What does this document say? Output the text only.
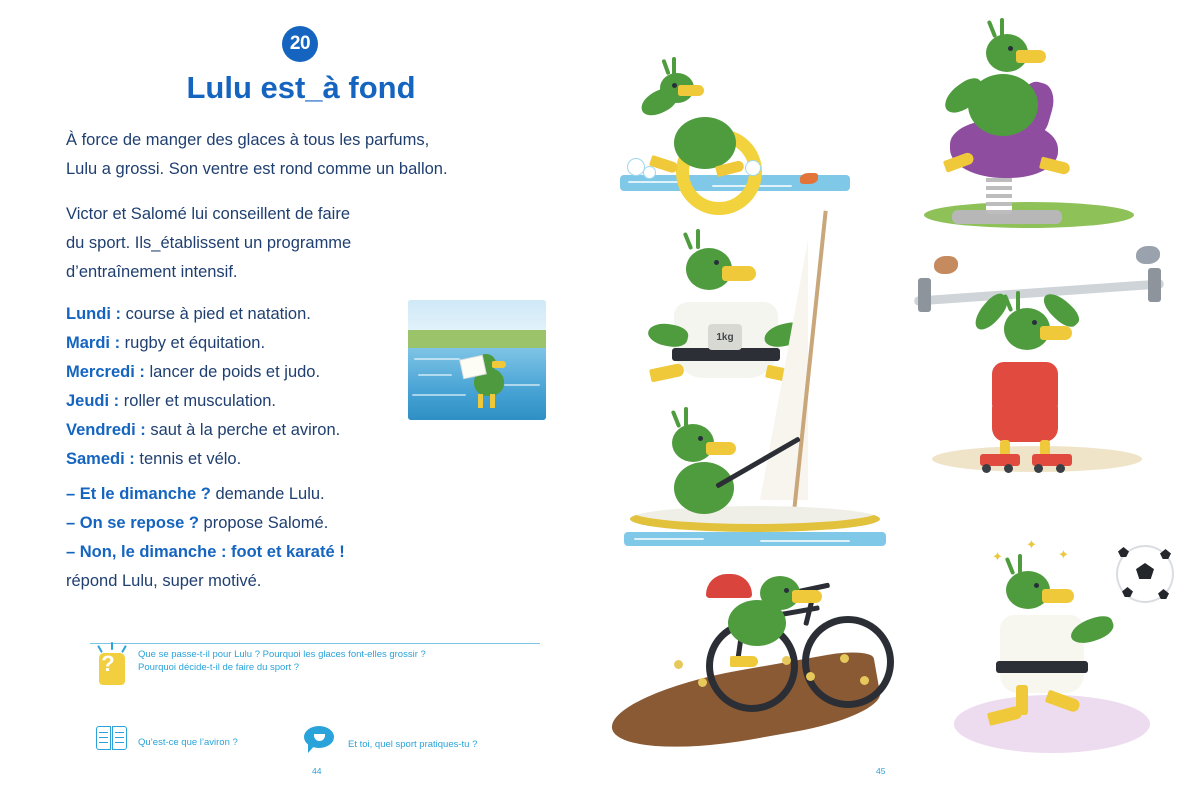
20
Lulu est_à fond
À force de manger des glaces à tous les parfums,
Lulu a grossi. Son ventre est rond comme un ballon.
Victor et Salomé lui conseillent de faire
du sport. Ils_établissent un programme
d’entraînement intensif.
Lundi : course à pied et natation.
Mardi : rugby et équitation.
Mercredi : lancer de poids et judo.
Jeudi : roller et musculation.
Vendredi : saut à la perche et aviron.
Samedi : tennis et vélo.
– Et le dimanche ? demande Lulu.
– On se repose ? propose Salomé.
– Non, le dimanche : foot et karaté !
répond Lulu, super motivé.
?	Que se passe-t-il pour Lulu ? Pourquoi les glaces font-elles grossir ?
Pourquoi décide-t-il de faire du sport ?
Qu’est-ce que l’aviron ?	Et toi, quel sport pratiques-tu ?
44
1kg
✦	✦
✦
45
